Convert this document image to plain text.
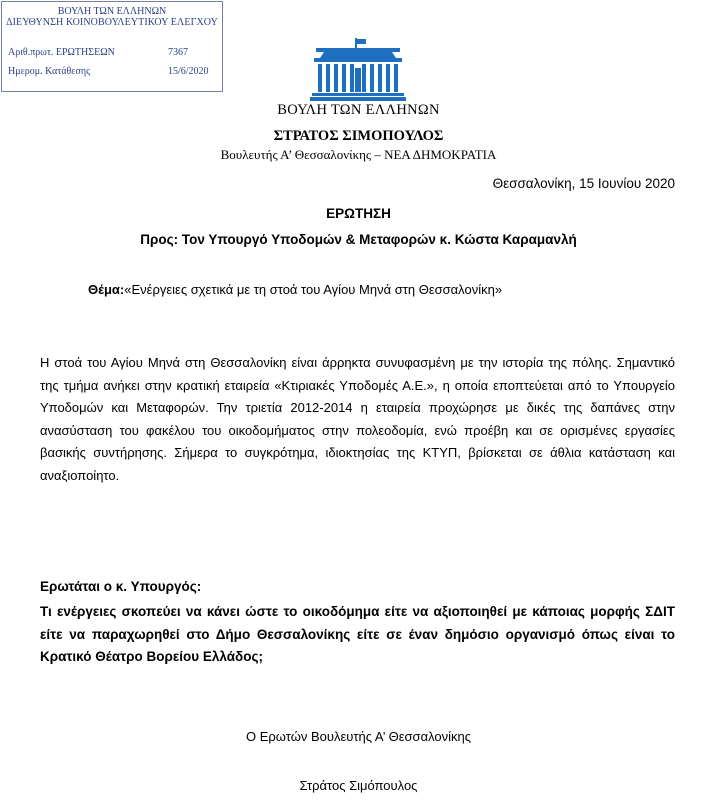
ΒΟΥΛΗ ΤΩΝ ΕΛΛΗΝΩΝ
ΔΙΕΥΘΥΝΣΗ ΚΟΙΝΟΒΟΥΛΕΥΤΙΚΟΥ ΕΛΕΓΧΟΥ
Αριθ.πρωτ. ΕΡΩΤΗΣΕΩΝ	7367
Ημερομ. Κατάθεσης	15/6/2020
ΒΟΥΛΗ ΤΩΝ ΕΛΛΗΝΩΝ
ΣΤΡΑΤΟΣ ΣΙΜΟΠΟΥΛΟΣ
Βουλευτής Α’ Θεσσαλονίκης – ΝΕΑ ΔΗΜΟΚΡΑΤΙΑ
Θεσσαλονίκη, 15 Ιουνίου 2020
ΕΡΩΤΗΣΗ
Προς: Τον Υπουργό Υποδομών & Μεταφορών κ. Κώστα Καραμανλή
Θέμα:«Ενέργειες σχετικά με τη στοά του Αγίου Μηνά στη Θεσσαλονίκη»
Η στοά του Αγίου Μηνά στη Θεσσαλονίκη είναι άρρηκτα συνυφασμένη με την ιστορία της πόλης. Σημαντικό της τμήμα ανήκει στην κρατική εταιρεία «Κτιριακές Υποδομές Α.Ε.», η οποία εποπτεύεται από το Υπουργείο Υποδομών και Μεταφορών. Την τριετία 2012-2014 η εταιρεία προχώρησε με δικές της δαπάνες στην ανασύσταση του φακέλου του οικοδομήματος στην πολεοδομία, ενώ προέβη και σε ορισμένες εργασίες βασικής συντήρησης. Σήμερα το συγκρότημα, ιδιοκτησίας της ΚΤΥΠ, βρίσκεται σε άθλια κατάσταση και αναξιοποίητο.
Ερωτάται ο κ. Υπουργός:
Τι ενέργειες σκοπεύει να κάνει ώστε το οικοδόμημα είτε να αξιοποιηθεί με κάποιας μορφής ΣΔΙΤ είτε να παραχωρηθεί στο Δήμο Θεσσαλονίκης είτε σε έναν δημόσιο οργανισμό όπως είναι το Κρατικό Θέατρο Βορείου Ελλάδος;
Ο Ερωτών Βουλευτής Α’ Θεσσαλονίκης
Στράτος Σιμόπουλος
